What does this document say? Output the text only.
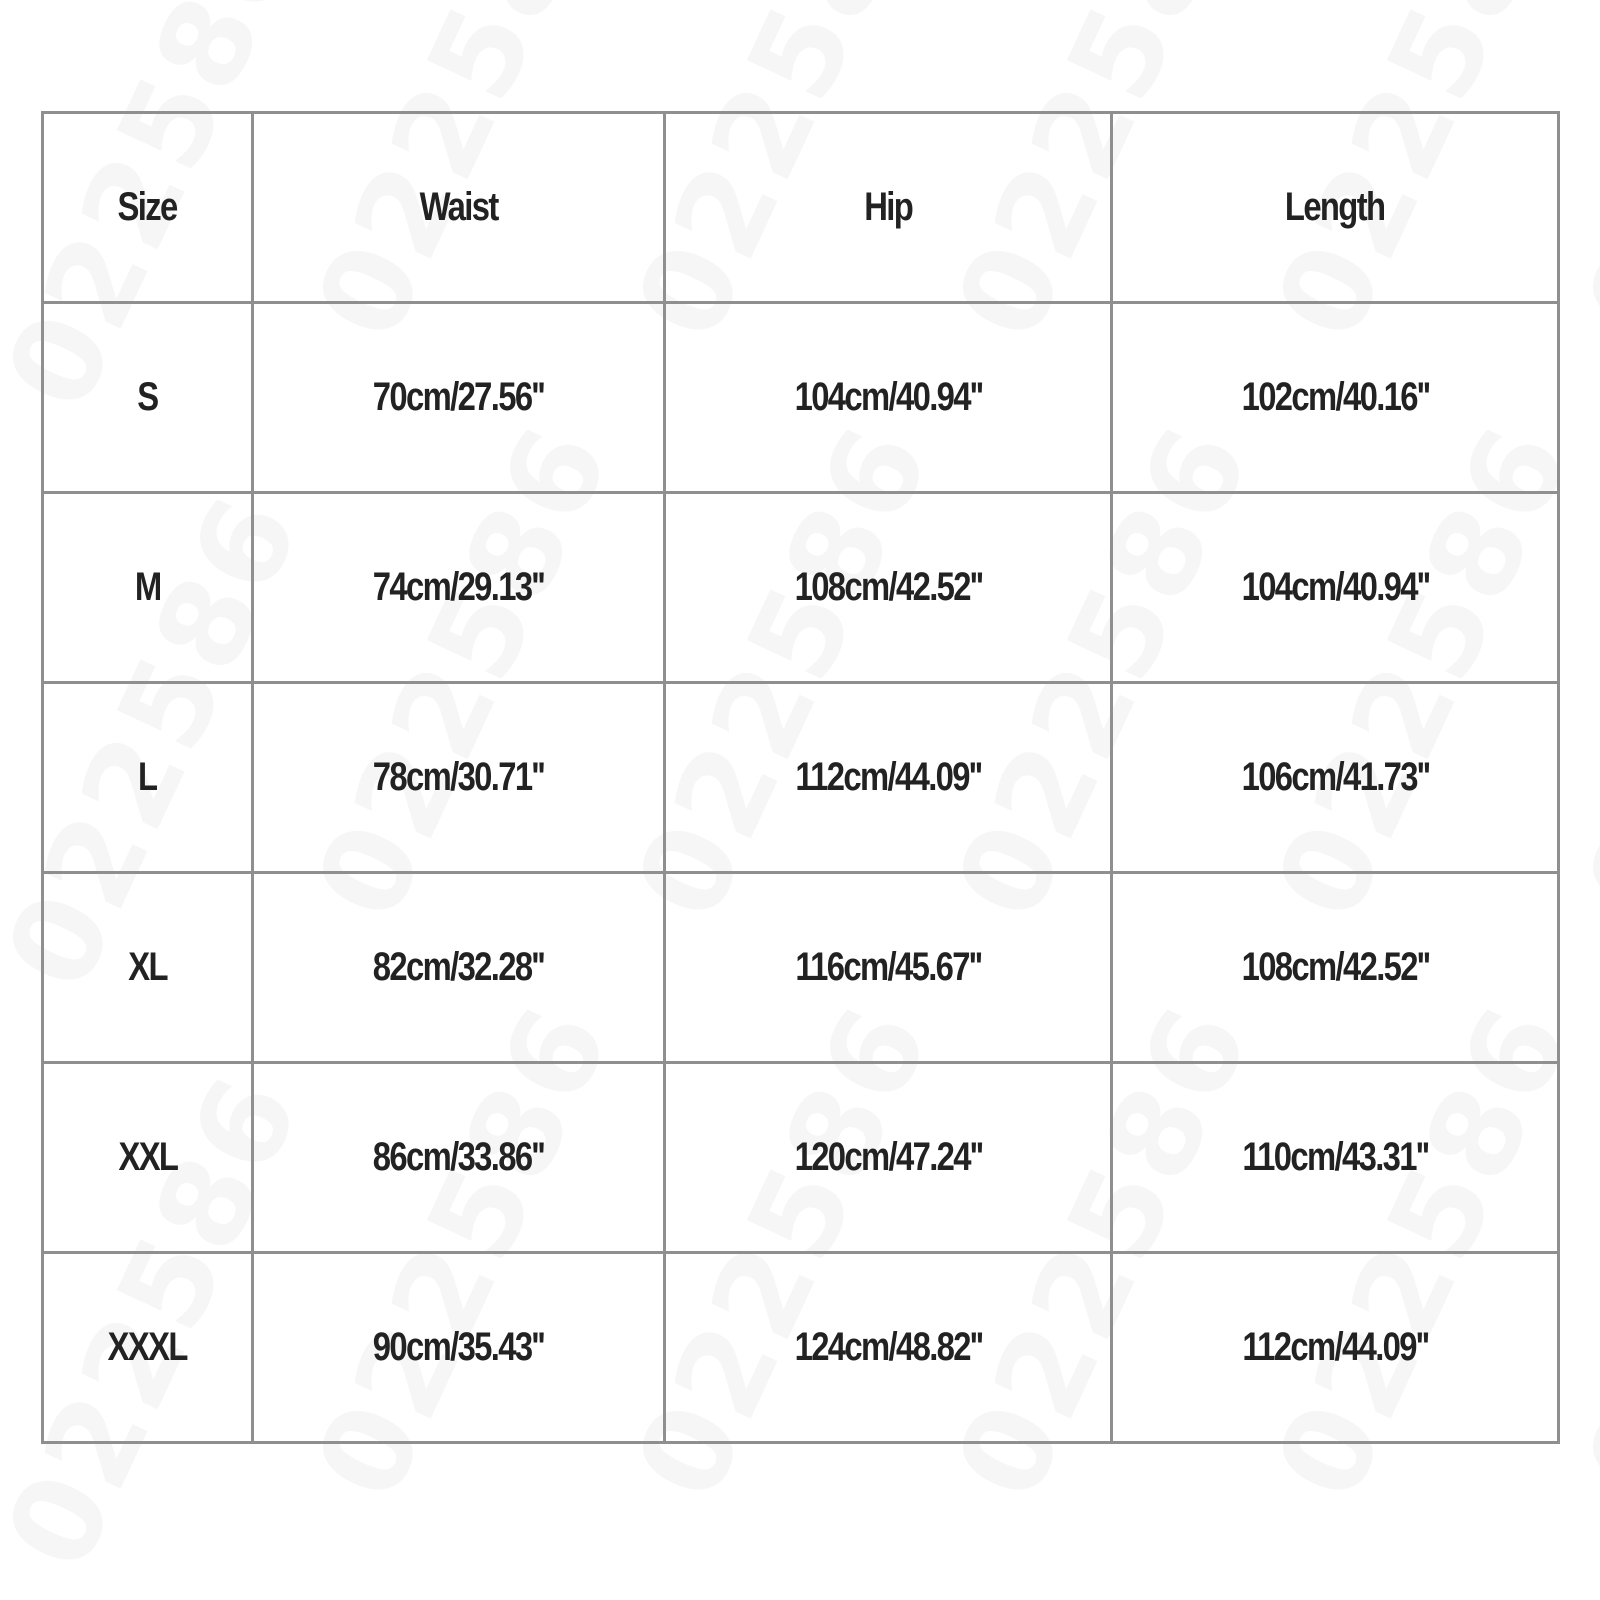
Size	Waist	Hip	Length
S	70cm/27.56''	104cm/40.94''	102cm/40.16''
M	74cm/29.13''	108cm/42.52''	104cm/40.94''
L	78cm/30.71''	112cm/44.09''	106cm/41.73''
XL	82cm/32.28''	116cm/45.67''	108cm/42.52''
XXL	86cm/33.86''	120cm/47.24''	110cm/43.31''
XXXL	90cm/35.43''	124cm/48.82''	112cm/44.09''
